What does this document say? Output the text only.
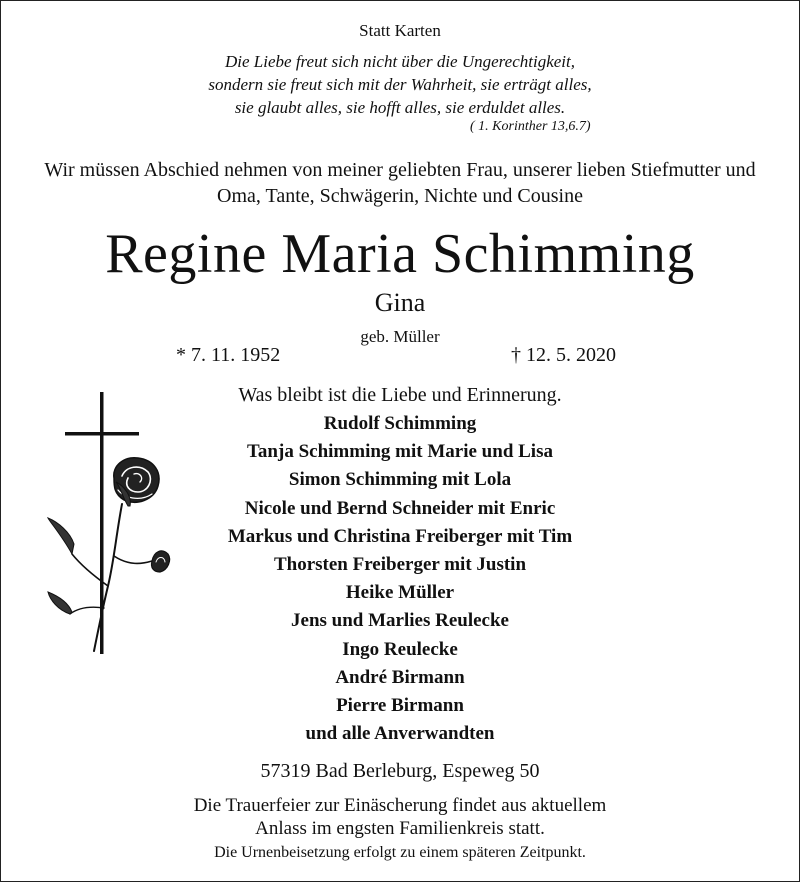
Statt Karten
Die Liebe freut sich nicht über die Ungerechtigkeit,
sondern sie freut sich mit der Wahrheit, sie erträgt alles,
sie glaubt alles, sie hofft alles, sie erduldet alles.
( 1. Korinther 13,6.7)
Wir müssen Abschied nehmen von meiner geliebten Frau, unserer lieben Stiefmutter und
Oma, Tante, Schwägerin, Nichte und Cousine
Regine Maria Schimming
Gina
geb. Müller
* 7. 11. 1952	† 12. 5. 2020
Was bleibt ist die Liebe und Erinnerung.
Rudolf Schimming
Tanja Schimming mit Marie und Lisa
Simon Schimming mit Lola
Nicole und Bernd Schneider mit Enric
Markus und Christina Freiberger mit Tim
Thorsten Freiberger mit Justin
Heike Müller
Jens und Marlies Reulecke
Ingo Reulecke
André Birmann
Pierre Birmann
und alle Anverwandten
57319 Bad Berleburg, Espeweg 50
Die Trauerfeier zur Einäscherung findet aus aktuellem
Anlass im engsten Familienkreis statt.
Die Urnenbeisetzung erfolgt zu einem späteren Zeitpunkt.
